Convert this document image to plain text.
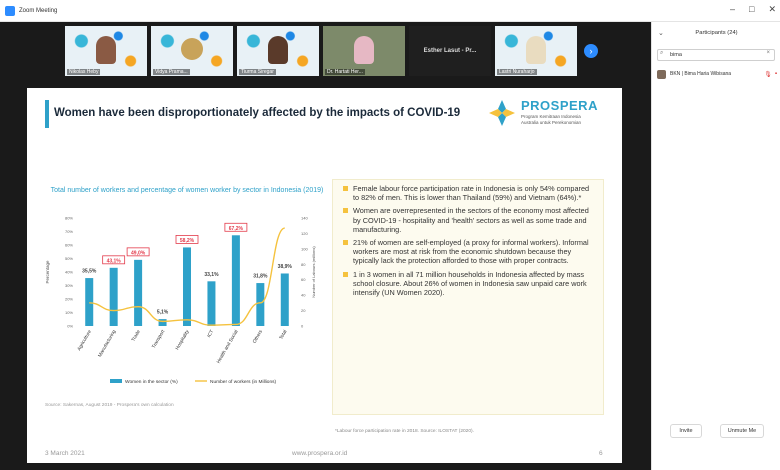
Zoom Meeting	– □ ✕
Nikolas Heby	Vidya Prama...	Tiurma Siregar	Dr. Hartati Her...
Esther Lasut - Pr...
Lastri Nuraharjo
›
Women have been disproportionately affected by the impacts of COVID-19	PROSPERA
Program Kemitraan Indonesia
Australia untuk Perekonomian
Total number of workers and percentage of women worker by sector in Indonesia (2019)
0%
10%
20%
30%
40%
50%
60%
70%
80%
0
20
40
60
80
100
120
140
Percentage	Number of Labours (millions)
35,5%
Agriculture
43,1%
Manufacturing
49,0%
Trade
5,1%
Transport
58,2%
Hospitality
33,1%
ICT
67,2%
Health and Social
31,8%
Others
38,9%
Total
Women in the sector (%)	Number of workers (in Millions)
Source: Sakernas, August 2019 - Prospera's own calculation
Female labour force participation rate in Indonesia is only 54% compared to 82% of men. This is lower than Thailand (59%) and Vietnam (64%).*
Women are overrepresented in the sectors of the economy most affected by COVID-19 - hospitality and 'health' sectors as well as some trade and manufacturing.
21% of women are self-employed (a proxy for informal workers). Informal workers are most at risk from the economic shutdown because they typically lack the protection afforded to those with proper contracts.
1 in 3 women in all 71 million households in Indonesia affected by mass school closure. About 26% of women in Indonesia saw unpaid care work intensify (UN Women 2020).
*Labour force participation rate in 2018. Source: ILOSTAT (2020).
3 March 2021	www.prospera.or.id	6
⌄	Participants (24)
bima
⌕	×
BKN | Bima Haria Wibisana	🎙 ▪
Invite	Unmute Me
